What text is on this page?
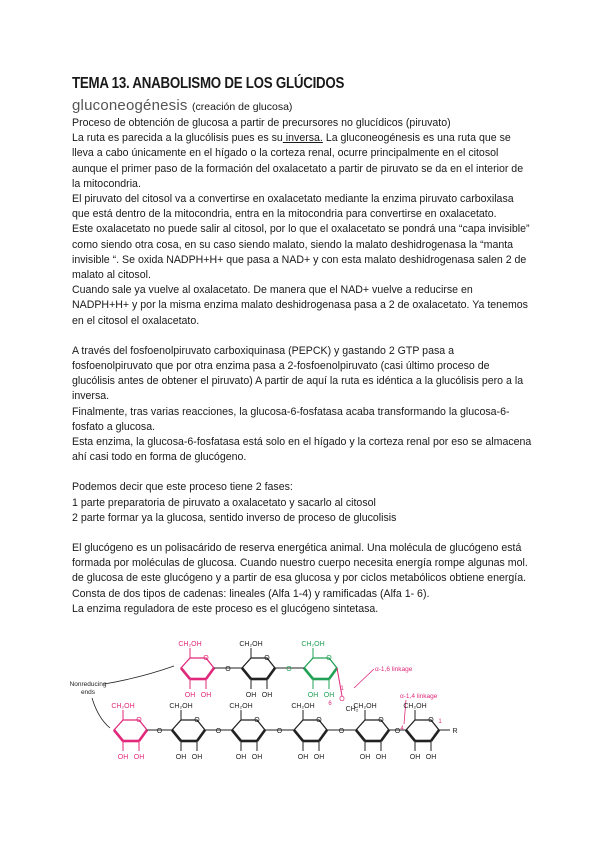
TEMA 13. ANABOLISMO DE LOS GLÚCIDOS
gluconeogénesis (creación de glucosa)

Proceso de obtención de glucosa a partir de precursores no glucídicos (piruvato)

La ruta es parecida a la glucólisis pues es su inversa. La gluconeogénesis es una ruta que se lleva a cabo únicamente en el hígado o la corteza renal, ocurre principalmente en el citosol aunque el primer paso de la formación del oxalacetato a partir de piruvato se da en el interior de la mitocondria.

El piruvato del citosol va a convertirse en oxalacetato mediante la enzima piruvato carboxilasa que está dentro de la mitocondria, entra en la mitocondria para convertirse en oxalacetato.

Este oxalacetato no puede salir al citosol, por lo que el oxalacetato se pondrá una “capa invisible” como siendo otra cosa, en su caso siendo malato, siendo la malato deshidrogenasa la “manta invisible “. Se oxida NADPH+H+ que pasa a NAD+ y con esta malato deshidrogenasa salen 2 de malato al citosol.

Cuando sale ya vuelve al oxalacetato. De manera que el NAD+ vuelve a reducirse en NADPH+H+ y por la misma enzima malato deshidrogenasa pasa a 2 de oxalacetato. Ya tenemos en el citosol el oxalacetato.

A través del fosfoenolpiruvato carboxiquinasa (PEPCK) y gastando 2 GTP pasa a fosfoenolpiruvato que por otra enzima pasa a 2-fosfoenolpiruvato (casi último proceso de glucólisis antes de obtener el piruvato) A partir de aquí la ruta es idéntica a la glucólisis pero a la inversa.

Finalmente, tras varias reacciones, la glucosa-6-fosfatasa acaba transformando la glucosa-6-fosfato a glucosa.

Esta enzima, la glucosa-6-fosfatasa está solo en el hígado y la corteza renal por eso se almacena ahí casi todo en forma de glucógeno.

Podemos decir que este proceso tiene 2 fases:

1 parte preparatoria de piruvato a oxalacetato y sacarlo al citosol

2 parte formar ya la glucosa, sentido inverso de proceso de glucolisis

El glucógeno es un polisacárido de reserva energética animal. Una molécula de glucógeno está formada por moléculas de glucosa. Cuando nuestro cuerpo necesita energía rompe algunas mol. de glucosa de este glucógeno y a partir de esa glucosa y por ciclos metabólicos obtiene energía.

Consta de dos tipos de cadenas: lineales (Alfa 1-4) y ramificadas (Alfa 1- 6).

La enzima reguladora de este proceso es el glucógeno sintetasa.

O
CH₂OH
OH OH
O
CH₂OH
OH OH
O
CH₂OH
OH OH
O	O
1
O
6
CH₂
O
CH₂OH
OH OH
O
CH₂OH
OH OH
O
CH₂OH
OH OH
O
CH₂OH
OH OH
O
CH₂OH
OH OH
O
CH₂OH
OH OH
O	O	O	O	O	R
4
1
Nonreducing
ends
α-1,6 linkage
α-1,4 linkage
